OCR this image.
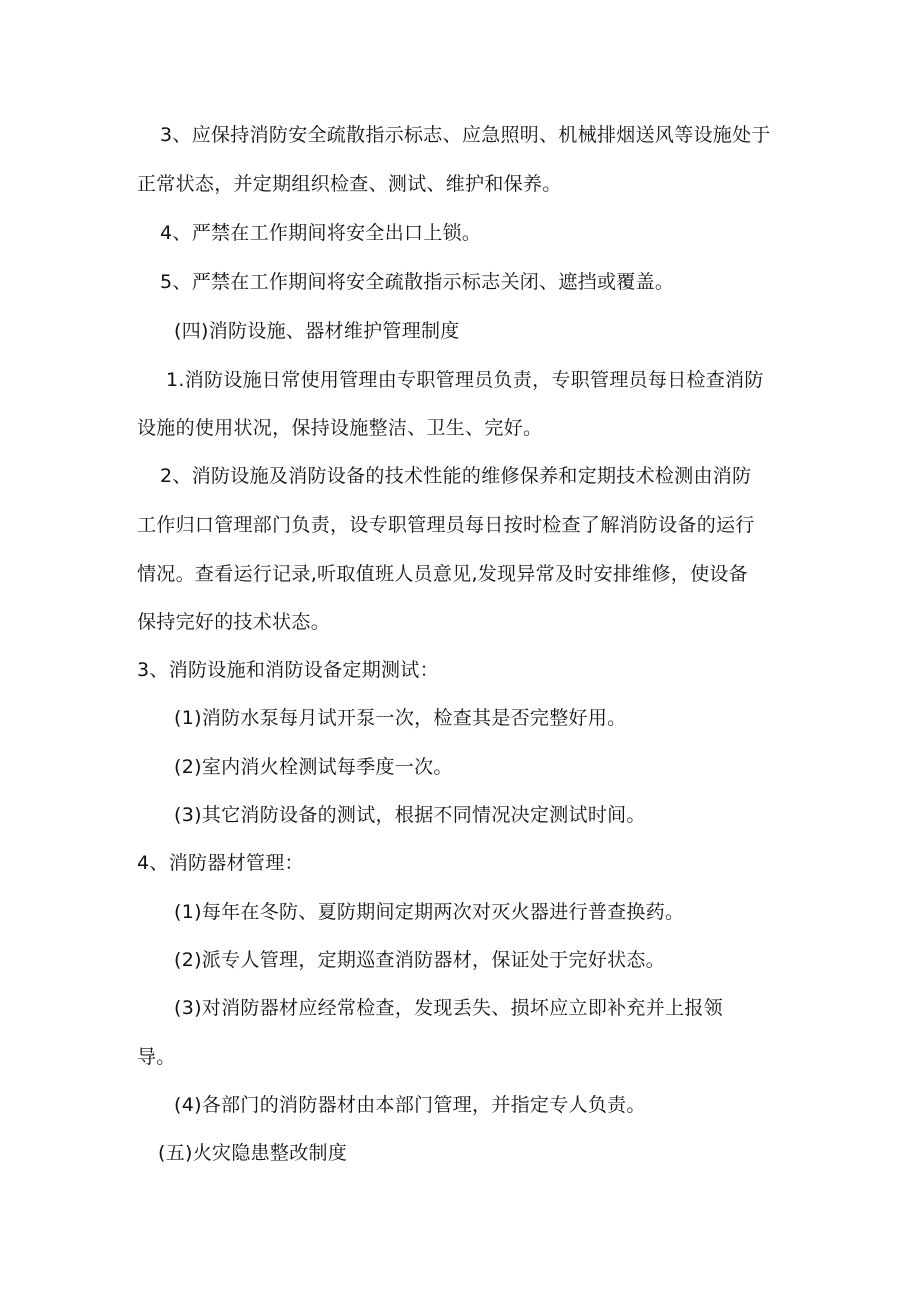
3、应保持消防安全疏散指示标志、应急照明、机械排烟送风等设施处于
正常状态，并定期组织检查、测试、维护和保养。
4、严禁在工作期间将安全出口上锁。
5、严禁在工作期间将安全疏散指示标志关闭、遮挡或覆盖。
(四)消防设施、器材维护管理制度
1.消防设施日常使用管理由专职管理员负责，专职管理员每日检查消防
设施的使用状况，保持设施整洁、卫生、完好。
2、消防设施及消防设备的技术性能的维修保养和定期技术检测由消防
工作归口管理部门负责，设专职管理员每日按时检查了解消防设备的运行
情况。查看运行记录,听取值班人员意见,发现异常及时安排维修，使设备
保持完好的技术状态。
3、消防设施和消防设备定期测试：
(1)消防水泵每月试开泵一次，检查其是否完整好用。
(2)室内消火栓测试每季度一次。
(3)其它消防设备的测试，根据不同情况决定测试时间。
4、消防器材管理：
(1)每年在冬防、夏防期间定期两次对灭火器进行普查换药。
(2)派专人管理，定期巡查消防器材，保证处于完好状态。
(3)对消防器材应经常检查，发现丢失、损坏应立即补充并上报领
导。
(4)各部门的消防器材由本部门管理，并指定专人负责。
(五)火灾隐患整改制度
